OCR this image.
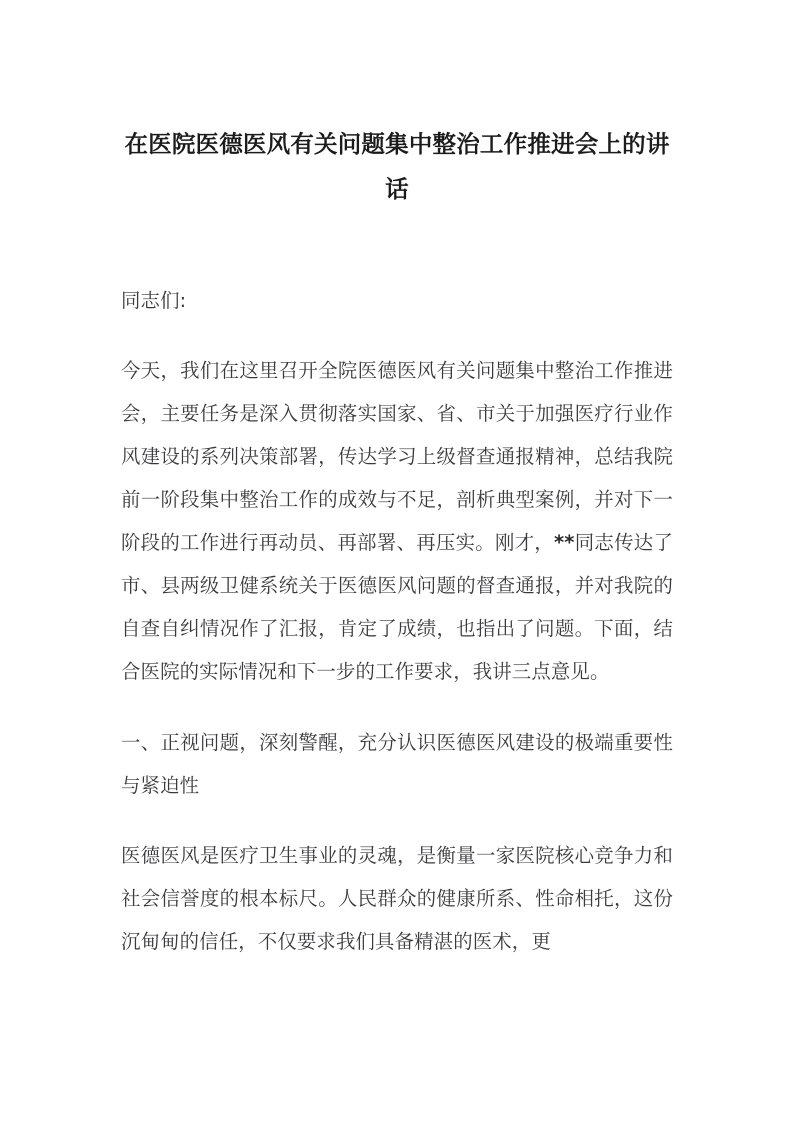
在医院医德医风有关问题集中整治工作推进会上的讲话

同志们:

今天，我们在这里召开全院医德医风有关问题集中整治工作推进会，主要任务是深入贯彻落实国家、省、市关于加强医疗行业作风建设的系列决策部署，传达学习上级督查通报精神，总结我院前一阶段集中整治工作的成效与不足，剖析典型案例，并对下一阶段的工作进行再动员、再部署、再压实。刚才，**同志传达了市、县两级卫健系统关于医德医风问题的督查通报，并对我院的自查自纠情况作了汇报，肯定了成绩，也指出了问题。下面，结合医院的实际情况和下一步的工作要求，我讲三点意见。

一、正视问题，深刻警醒，充分认识医德医风建设的极端重要性与紧迫性

医德医风是医疗卫生事业的灵魂，是衡量一家医院核心竞争力和社会信誉度的根本标尺。人民群众的健康所系、性命相托，这份沉甸甸的信任，不仅要求我们具备精湛的医术，更
